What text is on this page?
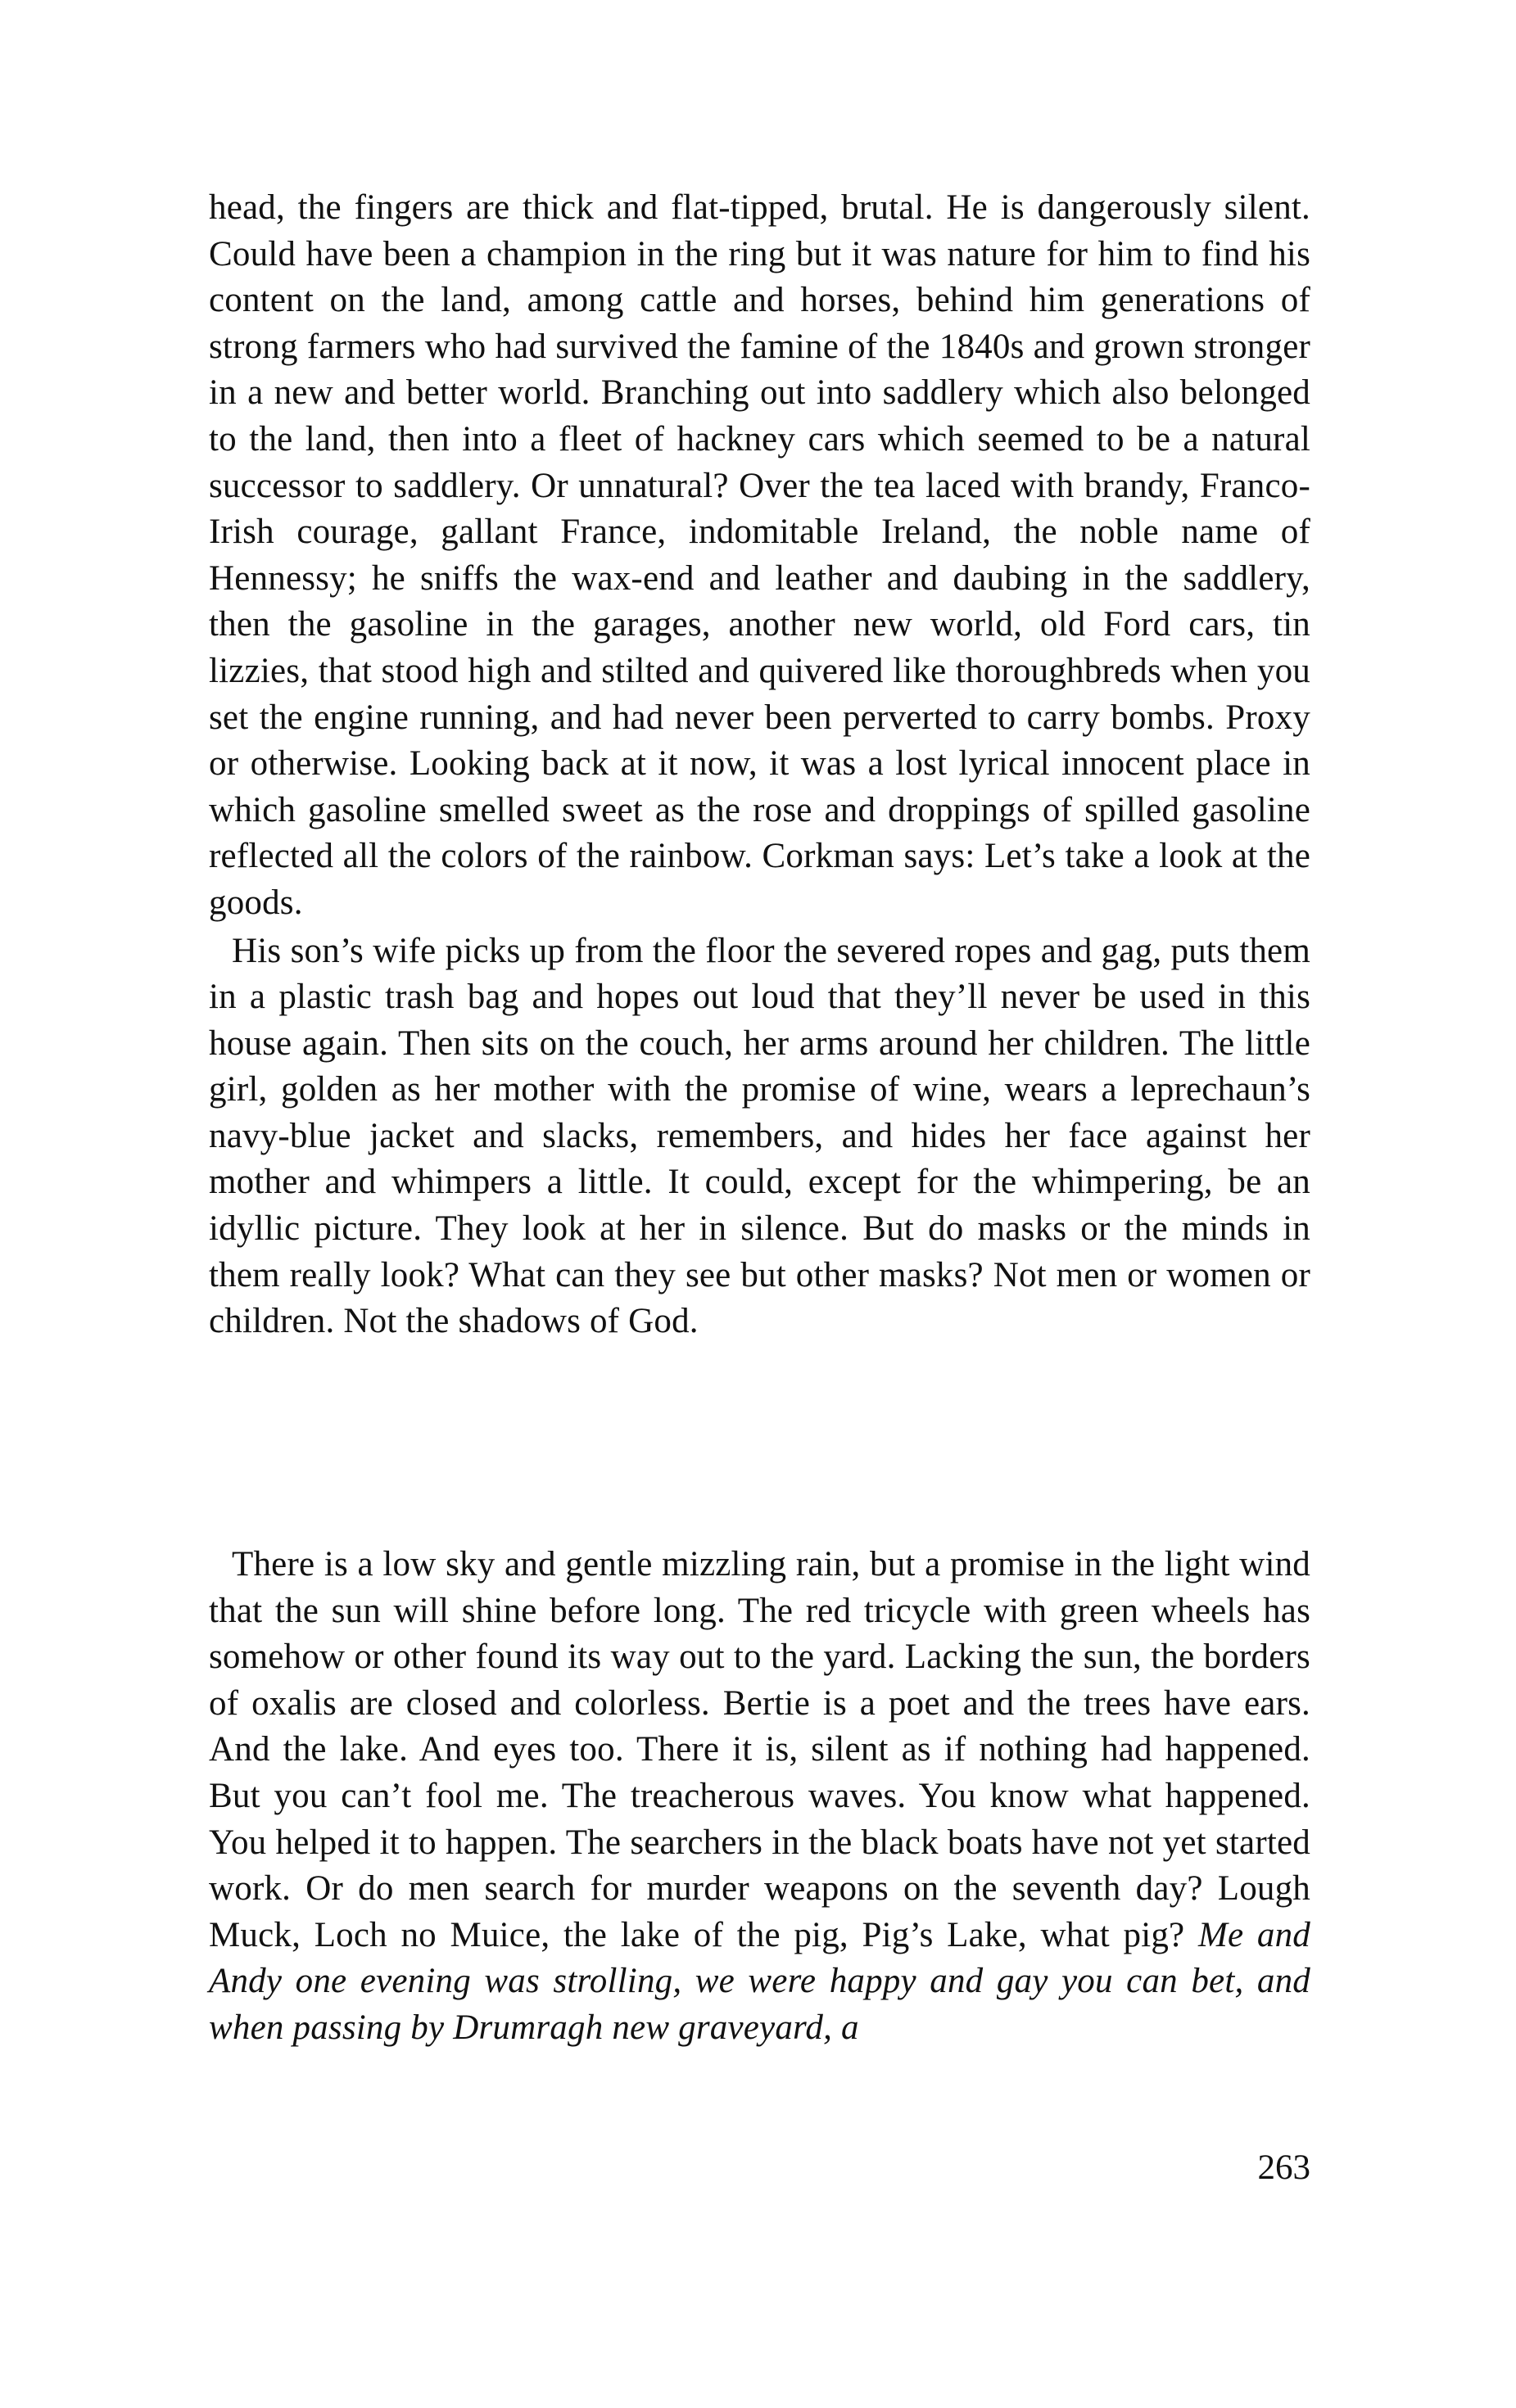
head, the fingers are thick and flat-tipped, brutal. He is dangerously silent. Could have been a champion in the ring but it was nature for him to find his content on the land, among cattle and horses, behind him generations of strong farmers who had survived the famine of the 1840s and grown stronger in a new and better world. Branching out into saddlery which also belonged to the land, then into a fleet of hackney cars which seemed to be a natural successor to saddlery. Or unnatural? Over the tea laced with brandy, Franco-Irish courage, gallant France, indomitable Ireland, the noble name of Hennessy; he sniffs the wax-end and leather and daubing in the saddlery, then the gasoline in the garages, another new world, old Ford cars, tin lizzies, that stood high and stilted and quivered like thoroughbreds when you set the engine running, and had never been perverted to carry bombs. Proxy or otherwise. Looking back at it now, it was a lost lyrical innocent place in which gasoline smelled sweet as the rose and droppings of spilled gasoline reflected all the colors of the rainbow. Corkman says: Let’s take a look at the goods.

His son’s wife picks up from the floor the severed ropes and gag, puts them in a plastic trash bag and hopes out loud that they’ll never be used in this house again. Then sits on the couch, her arms around her children. The little girl, golden as her mother with the promise of wine, wears a leprechaun’s navy-blue jacket and slacks, remembers, and hides her face against her mother and whimpers a little. It could, except for the whimpering, be an idyllic picture. They look at her in silence. But do masks or the minds in them really look? What can they see but other masks? Not men or women or children. Not the shadows of God.

There is a low sky and gentle mizzling rain, but a promise in the light wind that the sun will shine before long. The red tricycle with green wheels has somehow or other found its way out to the yard. Lacking the sun, the borders of oxalis are closed and colorless. Bertie is a poet and the trees have ears. And the lake. And eyes too. There it is, silent as if nothing had happened. But you can’t fool me. The treacherous waves. You know what happened. You helped it to happen. The searchers in the black boats have not yet started work. Or do men search for murder weapons on the seventh day? Lough Muck, Loch no Muice, the lake of the pig, Pig’s Lake, what pig? Me and Andy one evening was strolling, we were happy and gay you can bet, and when passing by Drumragh new graveyard, a

263
